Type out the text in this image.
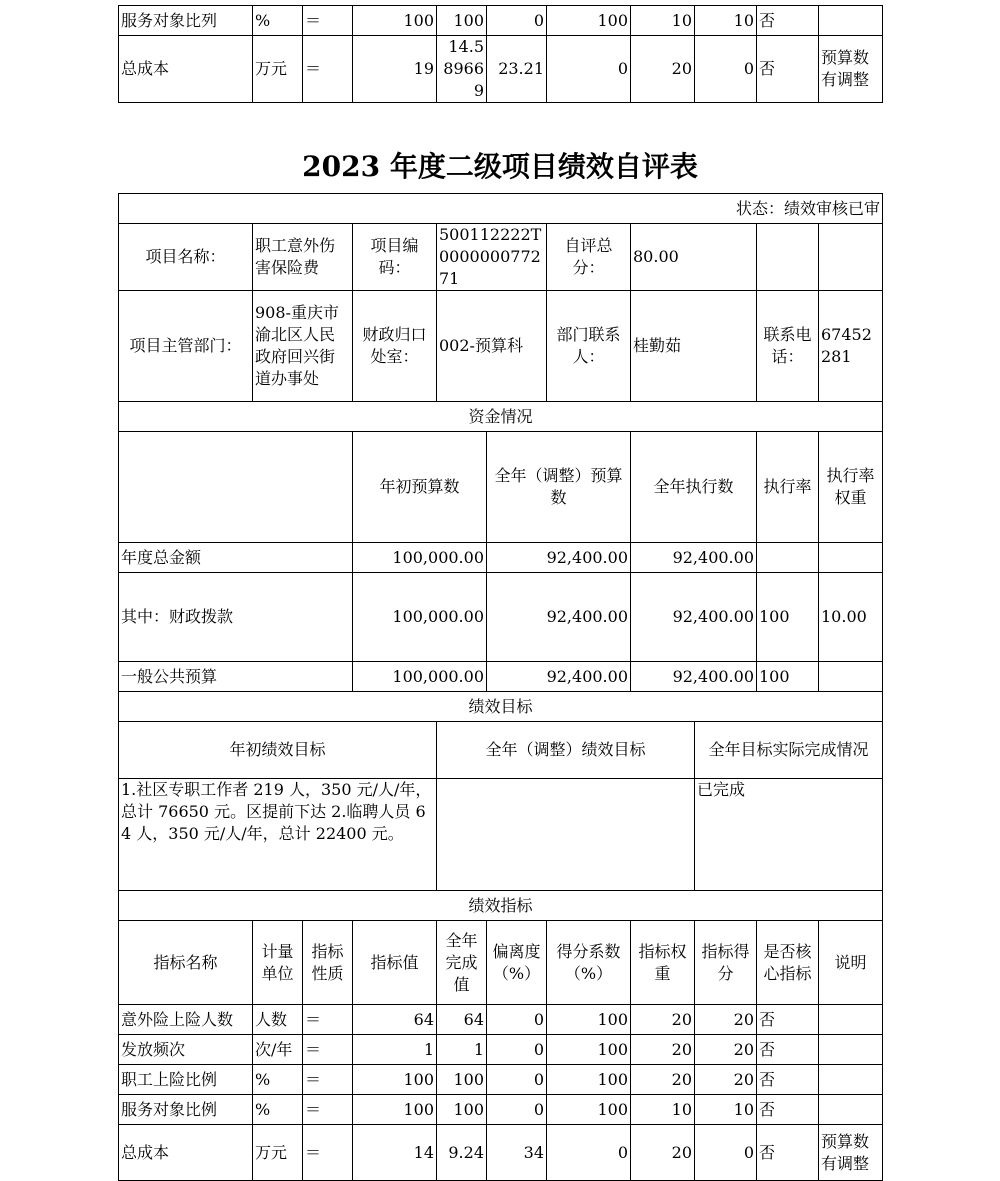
服务对象比列	%	＝	100	100	0	100	10	10	否	
总成本	万元	＝	19	14.589669	23.21	0	20	0	否	预算数有调整
2023 年度二级项目绩效自评表
状态：绩效审核已审											
项目名称：	职工意外伤害保险费		项目编码：	500112222T000000077271		自评总分：	80.00				
项目主管部门：	908-重庆市渝北区人民政府回兴街道办事处		财政归口处室：	002-预算科		部门联系人：	桂勤茹		联系电话：	67452281	
资金情况											
			年初预算数		全年（调整）预算数		全年执行数		执行率	执行率权重	
年度总金额			100,000.00		92,400.00		92,400.00				
其中：财政拨款			100,000.00		92,400.00		92,400.00		100	10.00	
一般公共预算			100,000.00		92,400.00		92,400.00		100		
绩效目标											
年初绩效目标				全年（调整）绩效目标				全年目标实际完成情况			
1.社区专职工作者 219 人，350 元/人/年，总计 76650 元。区提前下达 2.临聘人员 64 人，350 元/人/年，总计 22400 元。								已完成			
绩效指标											
指标名称	计量单位	指标性质	指标值	全年完成值	偏离度（%）	得分系数（%）	指标权重	指标得分	是否核心指标	说明	
意外险上险人数	人数	＝	64	64	0	100	20	20	否		
发放频次	次/年	＝	1	1	0	100	20	20	否		
职工上险比例	%	＝	100	100	0	100	20	20	否		
服务对象比例	%	＝	100	100	0	100	10	10	否		
总成本	万元	＝	14	9.24	34	0	20	0	否	预算数有调整	
